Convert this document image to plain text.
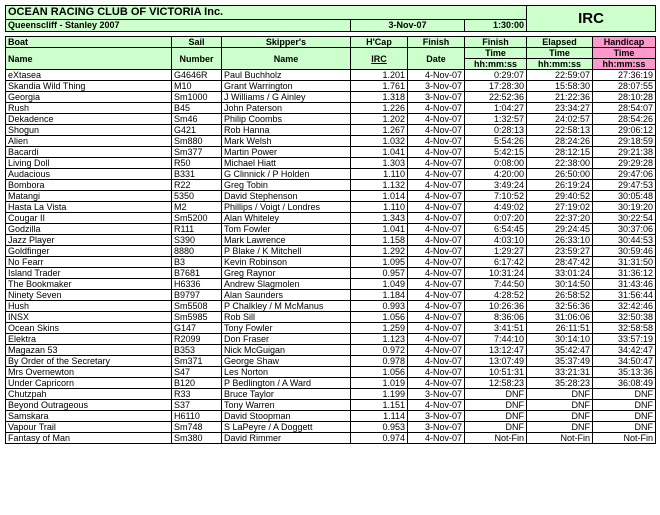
OCEAN RACING CLUB OF VICTORIA Inc.						IRC	
Queenscliff - Stanley 2007			3-Nov-07		1:30:00		

Boat	Sail	Skipper's	H'Cap	Finish	Finish	Elapsed	Handicap
Name	Number	Name	IRC	Date	Time	Time	Time
					hh:mm:ss	hh:mm:ss	hh:mm:ss
eXtasea	G4646R	Paul Buchholz	1.201	4-Nov-07	0:29:07	22:59:07	27:36:19
Skandia Wild Thing	M10	Grant Warrington	1.761	3-Nov-07	17:28:30	15:58:30	28:07:55
Georgia	Sm1000	J Williams / G Ainley	1.318	3-Nov-07	22:52:36	21:22:36	28:10:28
Rush	B45	John Paterson	1.226	4-Nov-07	1:04:27	23:34:27	28:54:07
Dekadence	Sm46	Philip Coombs	1.202	4-Nov-07	1:32:57	24:02:57	28:54:26
Shogun	G421	Rob Hanna	1.267	4-Nov-07	0:28:13	22:58:13	29:06:12
Alien	Sm880	Mark Welsh	1.032	4-Nov-07	5:54:26	28:24:26	29:18:59
Bacardi	Sm377	Martin Power	1.041	4-Nov-07	5:42:15	28:12:15	29:21:38
Living Doll	R50	Michael Hiatt	1.303	4-Nov-07	0:08:00	22:38:00	29:29:28
Audacious	B331	G Clinnick / P Holden	1.110	4-Nov-07	4:20:00	26:50:00	29:47:06
Bombora	R22	Greg Tobin	1.132	4-Nov-07	3:49:24	26:19:24	29:47:53
Matangi	5350	David Stephenson	1.014	4-Nov-07	7:10:52	29:40:52	30:05:48
Hasta La Vista	M2	Phillips / Voigt / Londres	1.110	4-Nov-07	4:49:02	27:19:02	30:19:20
Cougar II	Sm5200	Alan Whiteley	1.343	4-Nov-07	0:07:20	22:37:20	30:22:54
Godzilla	R111	Tom Fowler	1.041	4-Nov-07	6:54:45	29:24:45	30:37:06
Jazz Player	S390	Mark Lawrence	1.158	4-Nov-07	4:03:10	26:33:10	30:44:53
Goldfinger	8880	P Blake / K Mitchell	1.292	4-Nov-07	1:29:27	23:59:27	30:59:46
No Fearr	B3	Kevin Robinson	1.095	4-Nov-07	6:17:42	28:47:42	31:31:50
Island Trader	B7681	Greg Raynor	0.957	4-Nov-07	10:31:24	33:01:24	31:36:12
The Bookmaker	H6336	Andrew Slagmolen	1.049	4-Nov-07	7:44:50	30:14:50	31:43:46
Ninety Seven	B9797	Alan Saunders	1.184	4-Nov-07	4:28:52	26:58:52	31:56:44
Hush	Sm5508	P Chalkley / M McManus	0.993	4-Nov-07	10:26:36	32:56:36	32:42:46
INSX	Sm5985	Rob Sill	1.056	4-Nov-07	8:36:06	31:06:06	32:50:38
Ocean Skins	G147	Tony Fowler	1.259	4-Nov-07	3:41:51	26:11:51	32:58:58
Elektra	R2099	Don Fraser	1.123	4-Nov-07	7:44:10	30:14:10	33:57:19
Magazan 53	B353	Nick McGuigan	0.972	4-Nov-07	13:12:47	35:42:47	34:42:47
By Order of the Secretary	Sm371	George Shaw	0.978	4-Nov-07	13:07:49	35:37:49	34:50:47
Mrs Overnewton	S47	Les Norton	1.056	4-Nov-07	10:51:31	33:21:31	35:13:36
Under Capricorn	B120	P Bedlington / A Ward	1.019	4-Nov-07	12:58:23	35:28:23	36:08:49
Chutzpah	R33	Bruce Taylor	1.199	3-Nov-07	DNF	DNF	DNF
Beyond Outrageous	S37	Tony Warren	1.151	4-Nov-07	DNF	DNF	DNF
Samskara	H6110	David Stoopman	1.114	3-Nov-07	DNF	DNF	DNF
Vapour Trail	Sm748	S LaPeyre / A Doggett	0.953	3-Nov-07	DNF	DNF	DNF
Fantasy of Man	Sm380	David Rimmer	0.974	4-Nov-07	Not-Fin	Not-Fin	Not-Fin
